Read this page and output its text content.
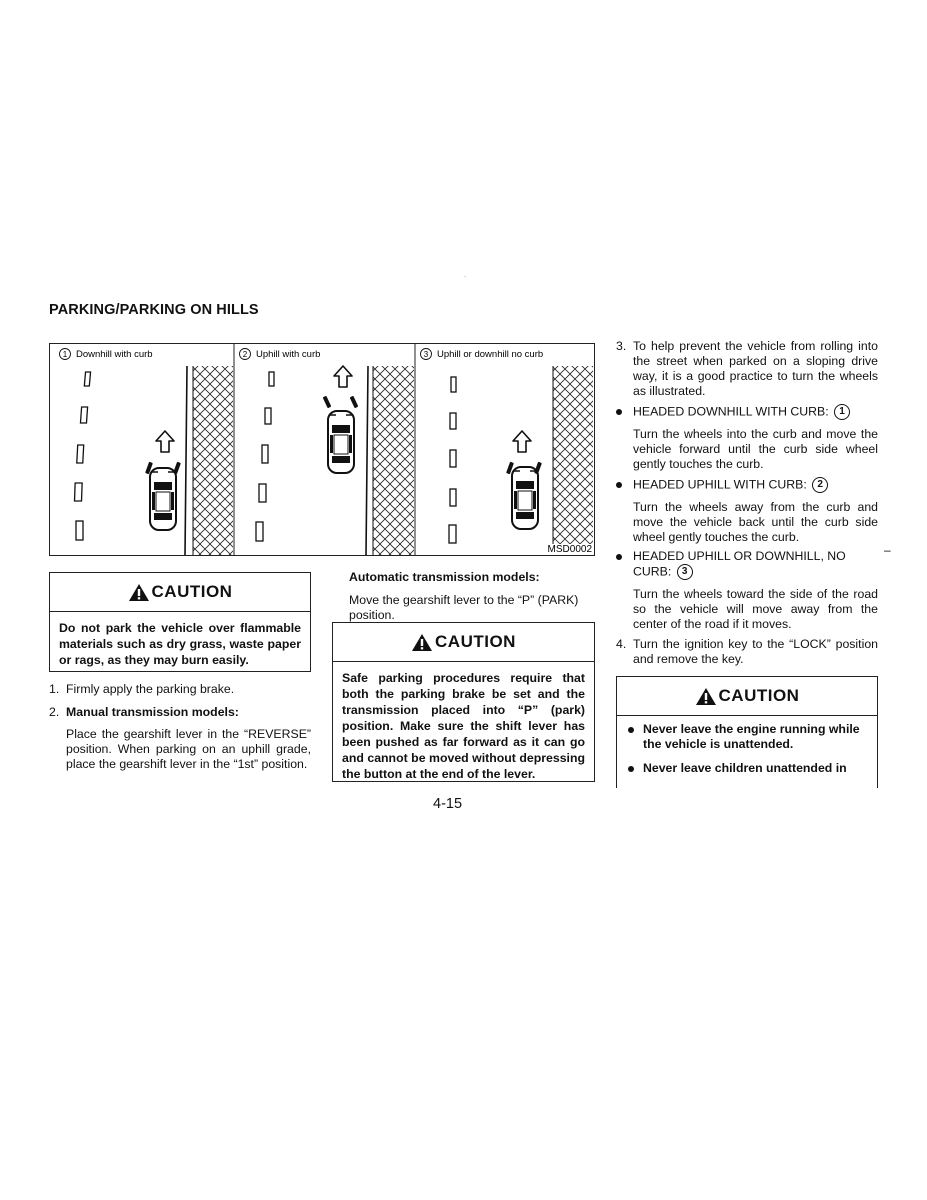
.
PARKING/PARKING ON HILLS
1 Downhill with curb	2 Uphill with curb	3 Uphill or downhill no curb
MSD0002
CAUTION
Do not park the vehicle over flammable materials such as dry grass, waste paper or rags, as they may burn easily.
1. Firmly apply the parking brake.
2. Manual transmission models:
Place the gearshift lever in the “REVERSE” position. When parking on an uphill grade, place the gearshift lever in the “1st” position.
Automatic transmission models:
Move the gearshift lever to the “P” (PARK) position.
CAUTION
Safe parking procedures require that both the parking brake be set and the transmission placed into “P” (park) position. Make sure the shift lever has been pushed as far forward as it can go and cannot be moved without depressing the button at the end of the lever.
3. To help prevent the vehicle from rolling into the street when parked on a sloping drive way, it is a good practice to turn the wheels as illustrated.
HEADED DOWNHILL WITH CURB: 1
Turn the wheels into the curb and move the vehicle forward until the curb side wheel gently touches the curb.
HEADED UPHILL WITH CURB: 2
Turn the wheels away from the curb and move the vehicle back until the curb side wheel gently touches the curb.
HEADED UPHILL OR DOWNHILL, NO CURB: 3
Turn the wheels toward the side of the road so the vehicle will move away from the center of the road if it moves.
4. Turn the ignition key to the “LOCK” position and remove the key.
–
CAUTION
Never leave the engine running while the vehicle is unattended.
Never leave children unattended in
4-15
